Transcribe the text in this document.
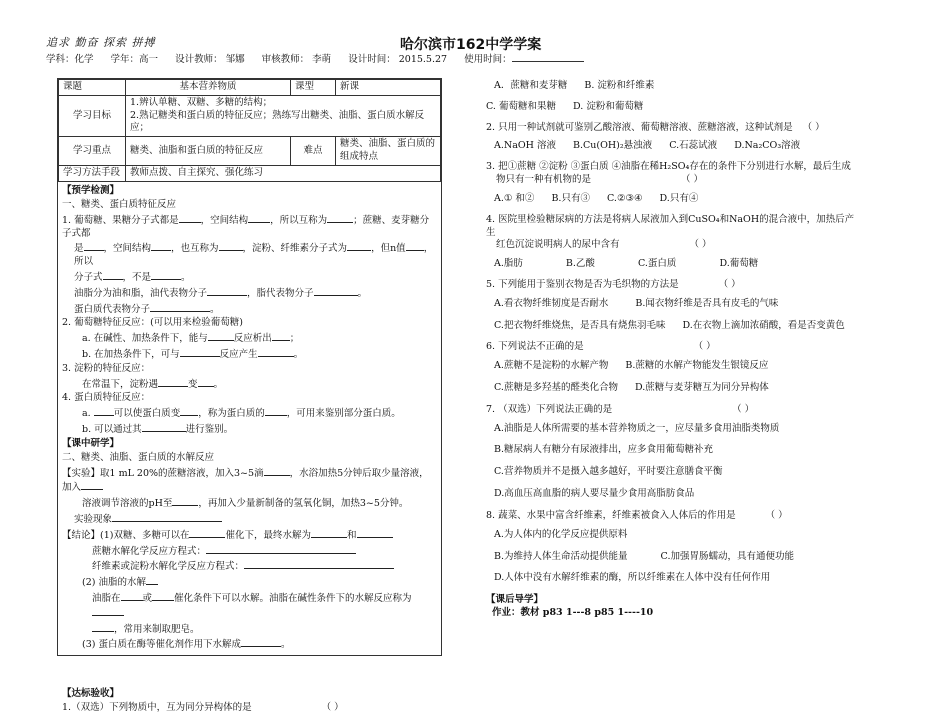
追求 勤奋 探索 拼搏	哈尔滨市162中学学案
学科：化学 学年：高一 设计教师： 邹娜 审核教师： 李萌 设计时间： 2015.5.27 使用时间：
课题	基本营养物质	课型	新课
学习目标	1.辨认单糖、双糖、多糖的结构；
2.熟记糖类和蛋白质的特征反应；熟练写出糖类、油脂、蛋白质水解反应；		

学习重点	糖类、油脂和蛋白质的特征反应	难点	糖类、油脂、蛋白质的组成特点
学习方法手段	教师点拨、自主探究、强化练习		
【预学检测】
一、糖类、蛋白质特征反应
1. 葡萄糖、果糖分子式都是 ，空间结构 ，所以互称为	；蔗糖、麦芽糖分子式都
是 ，空间结构 ，也互称为	，淀粉、纤维素分子式为	，但n值 ，所以
分子式 ，不是	。
油脂分为油和脂，油代表物分子	，脂代表物分子	。
蛋白质代表物分子	。
2. 葡萄糖特征反应：(可以用来检验葡萄糖)
a. 在碱性、加热条件下，能与	反应析出 ；
b. 在加热条件下，可与	反应产生	。
3. 淀粉的特征反应：
在常温下，淀粉遇	变 。
4. 蛋白质特征反应：
a. 可以使蛋白质变 ，称为蛋白质的 ，可用来鉴别部分蛋白质。
b. 可以通过其	进行鉴别。
【课中研学】
二、糖类、油脂、蛋白质的水解反应
【实验】取1 mL 20%的蔗糖溶液，加入3~5滴	，水浴加热5分钟后取少量溶液，加入
溶液调节溶液的pH至	，再加入少量新制备的氢氧化铜，加热3~5分钟。
实验现象
【结论】(1)双糖、多糖可以在	催化下，最终水解为	和
蔗糖水解化学反应方程式：
纤维素或淀粉水解化学反应方程式：
(2) 油脂的水解
油脂在 或 催化条件下可以水解。油脂在碱性条件下的水解反应称为
，常用来制取肥皂。
(3) 蛋白质在酶等催化剂作用下水解成	。
【达标验收】
1.（双选）下列物质中，互为同分异构体的是	（ ）
A．蔗糖和麦芽糖 B. 淀粉和纤维素
C. 葡萄糖和果糖 D. 淀粉和葡萄糖
2. 只用一种试剂就可鉴别乙酸溶液、葡萄糖溶液、蔗糖溶液，这种试剂是 （ ）
A.NaOH 溶液 B.Cu(OH)₂悬浊液 C.石蕊试液 D.Na₂CO₃溶液
3. 把①蔗糖 ②淀粉 ③蛋白质 ④油脂在稀H₂SO₄存在的条件下分别进行水解，最后生成
物只有一种有机物的是	（ ）
A.① 和② B.只有③ C.②③④ D.只有④
4. 医院里检验糖尿病的方法是将病人尿液加入到CuSO₄和NaOH的混合液中，加热后产生
红色沉淀说明病人的尿中含有	（ ）
A.脂肪	B.乙酸	C.蛋白质	D.葡萄糖
5. 下列能用于鉴别衣物是否为毛织物的方法是	（ ）
A.看衣物纤维韧度是否耐水	B.闻衣物纤维是否具有皮毛的气味
C.把衣物纤维烧焦，是否具有烧焦羽毛味 D.在衣物上滴加浓硝酸，看是否变黄色
6. 下列说法不正确的是	（ ）
A.蔗糖不是淀粉的水解产物 B.蔗糖的水解产物能发生银镜反应
C.蔗糖是多羟基的醛类化合物 D.蔗糖与麦芽糖互为同分异构体
7. （双选）下列说法正确的是	（ ）
A.油脂是人体所需要的基本营养物质之一，应尽量多食用油脂类物质
B.糖尿病人有糖分有尿液排出，应多食用葡萄糖补充
C.营养物质并不是摄入越多越好，平时要注意膳食平衡
D.高血压高血脂的病人要尽量少食用高脂肪食品
8. 蔬菜、水果中富含纤维素，纤维素被食入人体后的作用是	（ ）
A.为人体内的化学反应提供原料
B.为维持人体生命活动提供能量	C.加强胃肠蠕动，具有通便功能
D.人体中没有水解纤维素的酶，所以纤维素在人体中没有任何作用
【课后导学】
作业：教材 p83 1---8 p85 1----10
